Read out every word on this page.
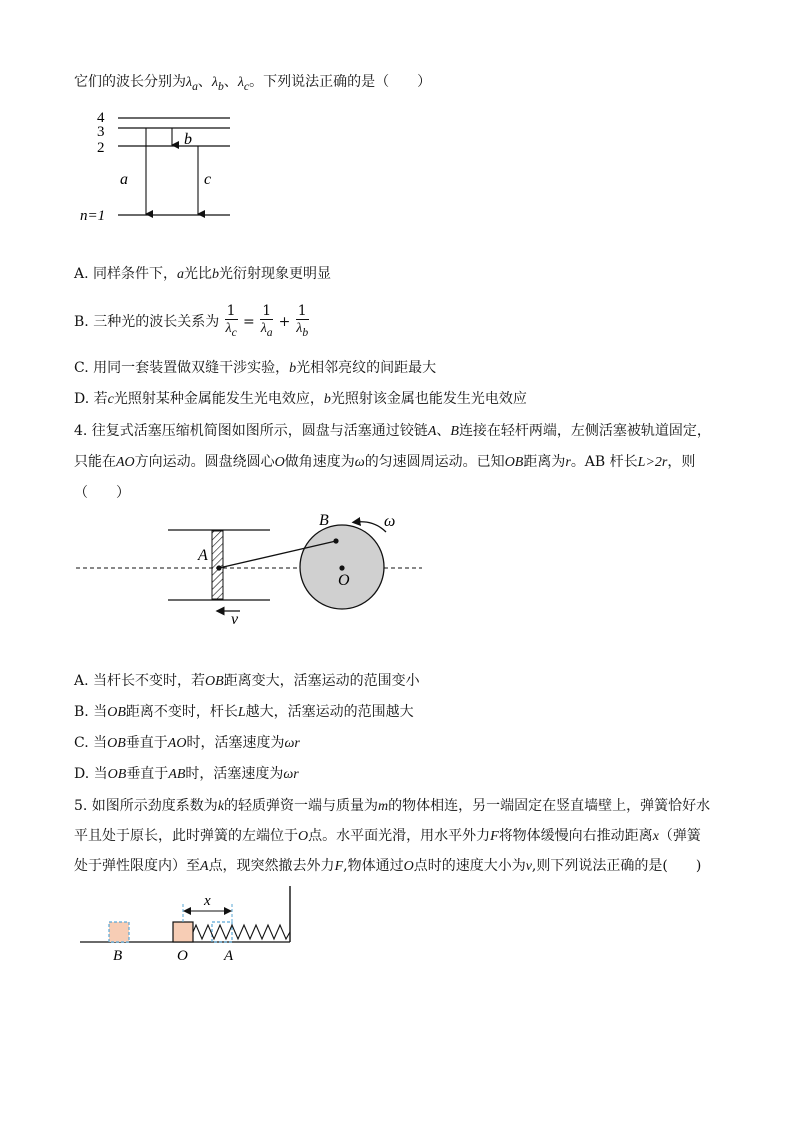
它们的波长分别为$\lambda_a$、$\lambda_b$、$\lambda_c$。下列说法正确的是（　　）
4
3
2
n=1
a
b
c
A. 同样条件下，a光比b光衍射现象更明显
B. 三种光的波长关系为 $\frac{1}{\lambda_c} = \frac{1}{\lambda_a} + \frac{1}{\lambda_b}$
C. 用同一套装置做双缝干涉实验，b光相邻亮纹的间距最大
D. 若c光照射某种金属能发生光电效应，b光照射该金属也能发生光电效应
4. 往复式活塞压缩机简图如图所示，圆盘与活塞通过铰链A、B连接在轻杆两端，左侧活塞被轨道固定，
只能在AO方向运动。圆盘绕圆心O做角速度为ω的匀速圆周运动。已知OB距离为r。AB 杆长L>2r，则
（　　）
A
B
O
ω
v
A. 当杆长不变时，若OB距离变大，活塞运动的范围变小
B. 当OB距离不变时，杆长L越大，活塞运动的范围越大
C. 当OB垂直于AO时，活塞速度为ωr
D. 当OB垂直于AB时，活塞速度为ωr
5. 如图所示劲度系数为k的轻质弹资一端与质量为m的物体相连，另一端固定在竖直墙壁上，弹簧恰好水
平且处于原长，此时弹簧的左端位于O点。水平面光滑，用水平外力F将物体缓慢向右推动距离x（弹簧
处于弹性限度内）至A点，现突然撤去外力F,物体通过O点时的速度大小为v,则下列说法正确的是(　　)
x
B	O A
